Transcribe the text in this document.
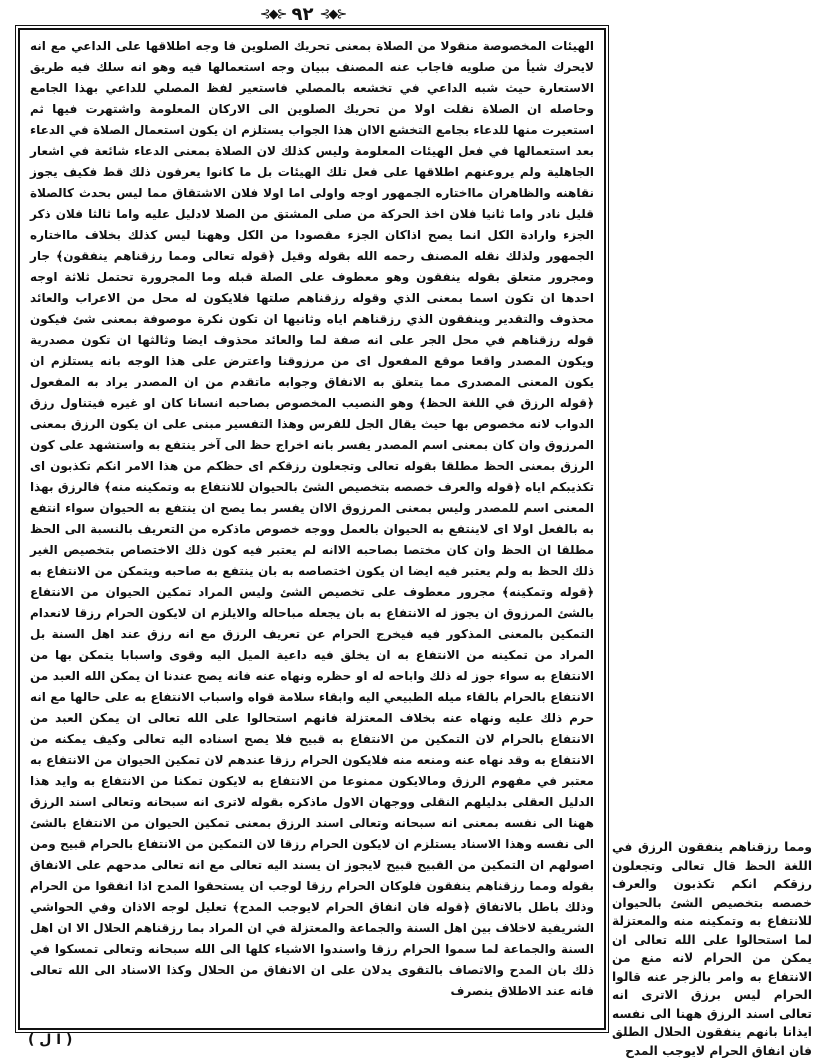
⊰◆⊱ ٩٢ ⊰◆⊱

الهيئات المخصوصة منقولا من الصلاة بمعنى تحريك الصلوين فا وجه اطلاقها على الداعي مع انه لايحرك شيأ من صلويه فاجاب عنه المصنف ببيان وجه استعمالها فيه وهو انه سلك فيه طريق الاستعارة حيث شبه الداعي في تخشعه بالمصلي فاستعير لفظ المصلي للداعي بهذا الجامع وحاصله ان الصلاة نقلت اولا من تحريك الصلوين الى الاركان المعلومة واشتهرت فيها ثم استعيرت منها للدعاء بجامع التخشع الاان هذا الجواب يستلزم ان يكون استعمال الصلاة في الدعاء بعد استعمالها في فعل الهيئات المعلومة وليس كذلك لان الصلاة بمعنى الدعاء شائعة في اشعار الجاهلية ولم يروعنهم اطلاقها على فعل تلك الهيئات بل ما كانوا يعرفون ذلك قط فكيف يجوز نقاهنه والظاهران مااختاره الجمهور اوجه واولى اما اولا فلان الاشتقاق مما ليس بحدث كالصلاة قليل نادر واما ثانيا فلان اخذ الحركة من صلى المشتق من الصلا لادليل عليه واما ثالثا فلان ذكر الجزء وارادة الكل انما يصح اذاكان الجزء مقصودا من الكل وههنا ليس كذلك بخلاف مااختاره الجمهور ولذلك نقله المصنف رحمه الله بقوله وقيل ﴿قوله تعالى ومما رزقناهم ينفقون﴾ جار ومجرور متعلق بقوله ينفقون وهو معطوف على الصلة قبله وما المجرورة تحتمل ثلاثة اوجه احدها ان تكون اسما بمعنى الذي وقوله رزقناهم صلتها فلايكون له محل من الاعراب والعائد محذوف والتقدير وينفقون الذي رزقناهم اياه وثانيها ان تكون نكرة موصوفة بمعنى شئ فيكون قوله رزقناهم في محل الجر على انه صفة لما والعائد محذوف ايضا وثالثها ان تكون مصدرية ويكون المصدر واقعا موقع المفعول اى من مرزوقنا واعترض على هذا الوجه بانه يستلزم ان يكون المعنى المصدرى مما يتعلق به الانفاق وجوابه ماتقدم من ان المصدر يراد به المفعول ﴿قوله الرزق في اللغة الحظ﴾ وهو النصيب المخصوص بصاحبه انسانا كان او غيره فيتناول رزق الدواب لانه مخصوص بها حيث يقال الجل للفرس وهذا التفسير مبنى على ان يكون الرزق بمعنى المرزوق وان كان بمعنى اسم المصدر يفسر بانه اخراج حظ الى آخر ينتفع به واستشهد على كون الرزق بمعنى الحظ مطلقا بقوله تعالى وتجعلون رزقكم اى حظكم من هذا الامر انكم تكذبون اى تكذيبكم اياه ﴿قوله والعرف خصصه بتخصيص الشئ بالحيوان للانتفاع به وتمكينه منه﴾ فالرزق بهذا المعنى اسم للمصدر وليس بمعنى المرزوق الاان يفسر بما يصح ان ينتفع به الحيوان سواء انتفع به بالفعل اولا اى لاينتفع به الحيوان بالعمل ووجه خصوص ماذكره من التعريف بالنسبة الى الحظ مطلقا ان الحظ وان كان مختصا بصاحبه الاانه لم يعتبر فيه كون ذلك الاختصاص بتخصيص الغير ذلك الحظ به ولم يعتبر فيه ايضا ان يكون اختصاصه به بان ينتفع به صاحبه ويتمكن من الانتفاع به ﴿قوله وتمكينه﴾ مجرور معطوف على تخصيص الشئ وليس المراد تمكين الحيوان من الانتفاع بالشئ المرزوق ان يجوز له الانتفاع به بان يجعله مباحاله والايلزم ان لايكون الحرام رزقا لانعدام التمكين بالمعنى المذكور فيه فيخرج الحرام عن تعريف الرزق مع انه رزق عند اهل السنة بل المراد من تمكينه من الانتفاع به ان يخلق فيه داعية الميل اليه وقوى واسبابا يتمكن بها من الانتفاع به سواء جوز له ذلك واباحه له او حظره ونهاه عنه فانه يصح عندنا ان يمكن الله العبد من الانتفاع بالحرام بالقاء ميله الطبيعي اليه وابقاء سلامة قواه واسباب الانتفاع به على حالها مع انه حرم ذلك عليه ونهاه عنه بخلاف المعتزلة فانهم استحالوا على الله تعالى ان يمكن العبد من الانتفاع بالحرام لان التمكين من الانتفاع به قبيح فلا يصح اسناده اليه تعالى وكيف يمكنه من الانتفاع به وقد نهاه عنه ومنعه منه فلايكون الحرام رزقا عندهم لان تمكين الحيوان من الانتفاع به معتبر في مفهوم الرزق ومالايكون ممنوعا من الانتفاع به لايكون تمكنا من الانتفاع به وايد هذا الدليل العقلى بدليلهم النقلى ووجهان الاول ماذكره بقوله لاترى انه سبحانه وتعالى اسند الرزق ههنا الى نفسه بمعنى انه سبحانه وتعالى اسند الرزق بمعنى تمكين الحيوان من الانتفاع بالشئ الى نفسه وهذا الاسناد يستلزم ان لايكون الحرام رزقا لان التمكين من الانتفاع بالحرام قبيح ومن اصولهم ان التمكين من القبيح قبيح لايجوز ان يسند اليه تعالى مع انه تعالى مدحهم على الانفاق بقوله ومما رزقناهم ينفقون فلوكان الحرام رزقا لوجب ان يستحقوا المدح اذا انفقوا من الحرام وذلك باطل بالاتفاق ﴿قوله فان انفاق الحرام لايوجب المدح﴾ تعليل لوجه الاذان وفي الحواشي الشريفية لاخلاف بين اهل السنة والجماعة والمعتزلة في ان المراد بما رزقناهم الحلال الا ان اهل السنة والجماعة لما سموا الحرام رزقا واسندوا الاشياء كلها الى الله سبحانه وتعالى تمسكوا في ذلك بان المدح والاتصاف بالتقوى يدلان على ان الانفاق من الحلال وكذا الاسناد الى الله تعالى فانه عند الاطلاق ينصرف

ومما رزقناهم ينفقون الرزق في اللغة الحظ قال تعالى وتجعلون رزقكم انكم تكذبون والعرف خصصه بتخصيص الشئ بالحيوان للانتفاع به وتمكينه منه والمعتزلة لما استحالوا على الله تعالى ان يمكن من الحرام لانه منع من الانتفاع به وامر بالزجر عنه قالوا الحرام ليس برزق الاترى انه تعالى اسند الرزق ههنا الى نفسه ايذانا بانهم ينفقون الحلال الطلق فان انفاق الحرام لايوجب المدح
( ا ل )
